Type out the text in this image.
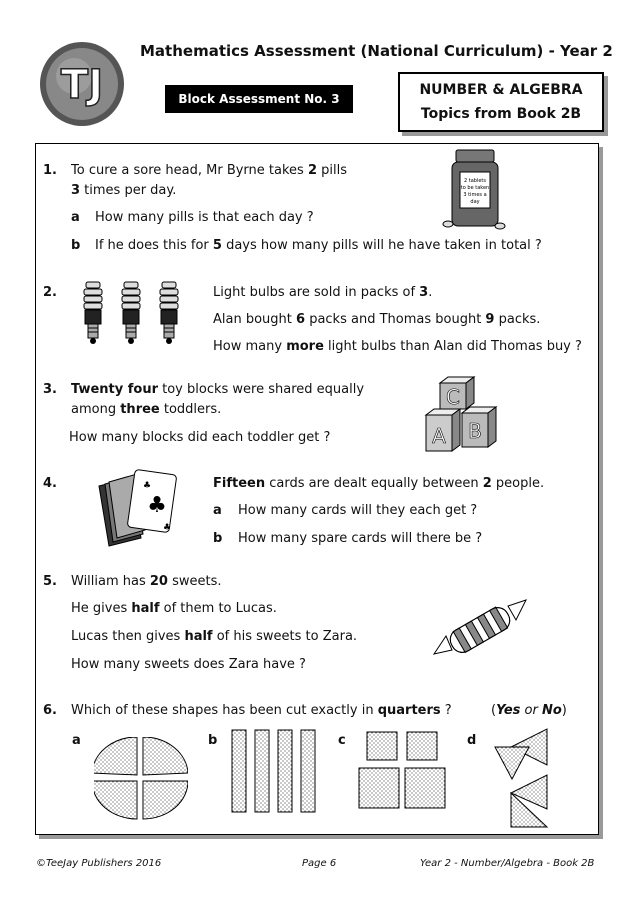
TJ
Mathematics Assessment (National Curriculum) - Year 2
Block Assessment No. 3
NUMBER & ALGEBRA
Topics from Book 2B
1. To cure a sore head, Mr Byrne takes 2 pills
3 times per day.
a How many pills is that each day ?
b If he does this for 5 days how many pills will he have taken in total ?
2 tablets
to be taken
3 times a
day
2.	Light bulbs are sold in packs of 3.
Alan bought 6 packs and Thomas bought 9 packs.
How many more light bulbs than Alan did Thomas buy ?
3. Twenty four toy blocks were shared equally
among three toddlers.
How many blocks did each toddler get ?
C
A B
4.
♣
♣
♣
Fifteen cards are dealt equally between 2 people.
a How many cards will they each get ?
b How many spare cards will there be ?
5. William has 20 sweets.
He gives half of them to Lucas.
Lucas then gives half of his sweets to Zara.
How many sweets does Zara have ?
6. Which of these shapes has been cut exactly in quarters ?	(Yes or No)
a	b	c	d
©TeeJay Publishers 2016	Page 6	Year 2 - Number/Algebra - Book 2B
